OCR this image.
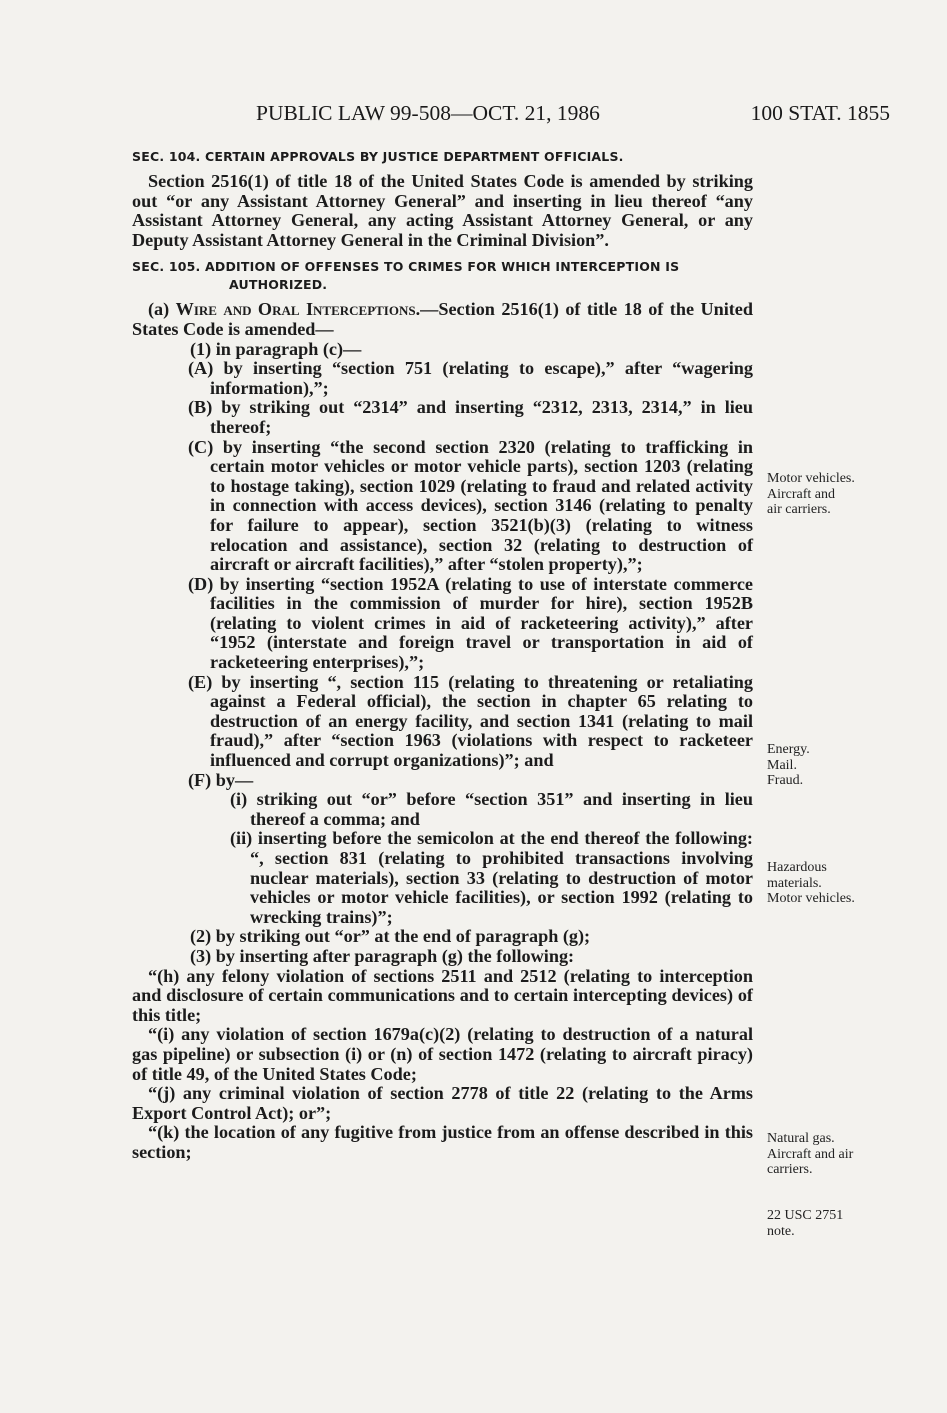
PUBLIC LAW 99-508—OCT. 21, 1986	100 STAT. 1855
SEC. 104. CERTAIN APPROVALS BY JUSTICE DEPARTMENT OFFICIALS.

Section 2516(1) of title 18 of the United States Code is amended by striking out “or any Assistant Attorney General” and inserting in lieu thereof “any Assistant Attorney General, any acting Assistant Attorney General, or any Deputy Assistant Attorney General in the Criminal Division”.

SEC. 105. ADDITION OF OFFENSES TO CRIMES FOR WHICH INTERCEPTION IS AUTHORIZED.

(a) Wire and Oral Interceptions.—Section 2516(1) of title 18 of the United States Code is amended—

(1) in paragraph (c)—

(A) by inserting “section 751 (relating to escape),” after “wagering information),”;

(B) by striking out “2314” and inserting “2312, 2313, 2314,” in lieu thereof;

(C) by inserting “the second section 2320 (relating to trafficking in certain motor vehicles or motor vehicle parts), section 1203 (relating to hostage taking), section 1029 (relating to fraud and related activity in connection with access devices), section 3146 (relating to penalty for failure to appear), section 3521(b)(3) (relating to witness relocation and assistance), section 32 (relating to destruction of aircraft or aircraft facilities),” after “stolen property),”;

(D) by inserting “section 1952A (relating to use of interstate commerce facilities in the commission of murder for hire), section 1952B (relating to violent crimes in aid of racketeering activity),” after “1952 (interstate and foreign travel or transportation in aid of racketeering enterprises),”;

(E) by inserting “, section 115 (relating to threatening or retaliating against a Federal official), the section in chapter 65 relating to destruction of an energy facility, and section 1341 (relating to mail fraud),” after “section 1963 (violations with respect to racketeer influenced and corrupt organizations)”; and

(F) by—

(i) striking out “or” before “section 351” and inserting in lieu thereof a comma; and

(ii) inserting before the semicolon at the end thereof the following: “, section 831 (relating to prohibited transactions involving nuclear materials), section 33 (relating to destruction of motor vehicles or motor vehicle facilities), or section 1992 (relating to wrecking trains)”;

(2) by striking out “or” at the end of paragraph (g);

(3) by inserting after paragraph (g) the following:

“(h) any felony violation of sections 2511 and 2512 (relating to interception and disclosure of certain communications and to certain intercepting devices) of this title;

“(i) any violation of section 1679a(c)(2) (relating to destruction of a natural gas pipeline) or subsection (i) or (n) of section 1472 (relating to aircraft piracy) of title 49, of the United States Code;

“(j) any criminal violation of section 2778 of title 22 (relating to the Arms Export Control Act); or”;

“(k) the location of any fugitive from justice from an offense described in this section;

Motor vehicles.
Aircraft and
air carriers.
Energy.
Mail.
Fraud.
Hazardous
materials.
Motor vehicles.
Natural gas.
Aircraft and air
carriers.
22 USC 2751
note.
